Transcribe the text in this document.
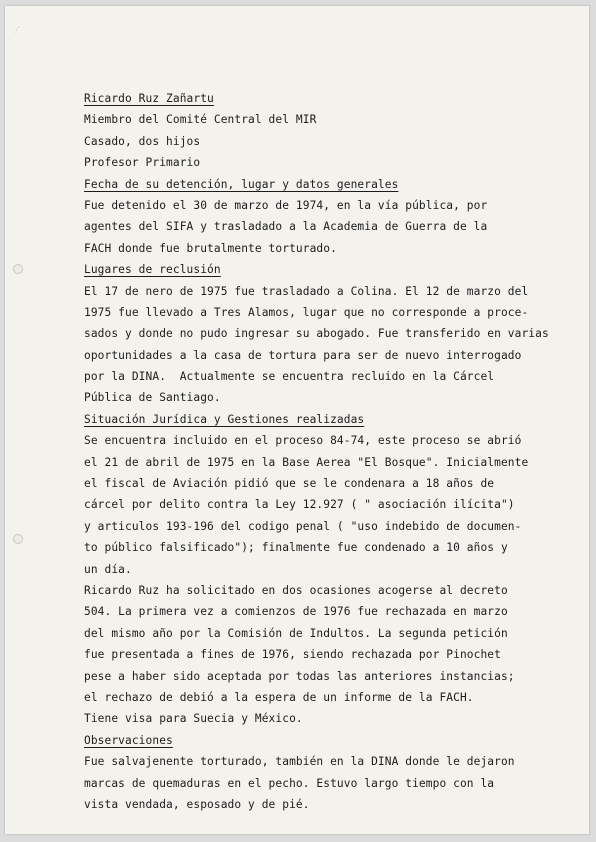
⋰
Ricardo Ruz Zañartu
Miembro del Comité Central del MIR
Casado, dos hijos
Profesor Primario
Fecha de su detención, lugar y datos generales
Fue detenido el 30 de marzo de 1974, en la vía pública, por
agentes del SIFA y trasladado a la Academia de Guerra de la
FACH donde fue brutalmente torturado.
Lugares de reclusión
El 17 de nero de 1975 fue trasladado a Colina. El 12 de marzo del
1975 fue llevado a Tres Alamos, lugar que no corresponde a proce-
sados y donde no pudo ingresar su abogado. Fue transferido en varias
oportunidades a la casa de tortura para ser de nuevo interrogado
por la DINA.  Actualmente se encuentra recluido en la Cárcel
Pública de Santiago.
Situación Jurídica y Gestiones realizadas
Se encuentra incluido en el proceso 84-74, este proceso se abrió
el 21 de abril de 1975 en la Base Aerea "El Bosque". Inicialmente
el fiscal de Aviación pidió que se le condenara a 18 años de
cárcel por delito contra la Ley 12.927 ( " asociación ilícita")
y articulos 193-196 del codigo penal ( "uso indebido de documen-
to público falsificado"); finalmente fue condenado a 10 años y
un día.
Ricardo Ruz ha solicitado en dos ocasiones acogerse al decreto
504. La primera vez a comienzos de 1976 fue rechazada en marzo
del mismo año por la Comisión de Indultos. La segunda petición
fue presentada a fines de 1976, siendo rechazada por Pinochet
pese a haber sido aceptada por todas las anteriores instancias;
el rechazo de debió a la espera de un informe de la FACH.
Tiene visa para Suecia y México.
Observaciones
Fue salvajenente torturado, también en la DINA donde le dejaron
marcas de quemaduras en el pecho. Estuvo largo tiempo con la
vista vendada, esposado y de pié.
